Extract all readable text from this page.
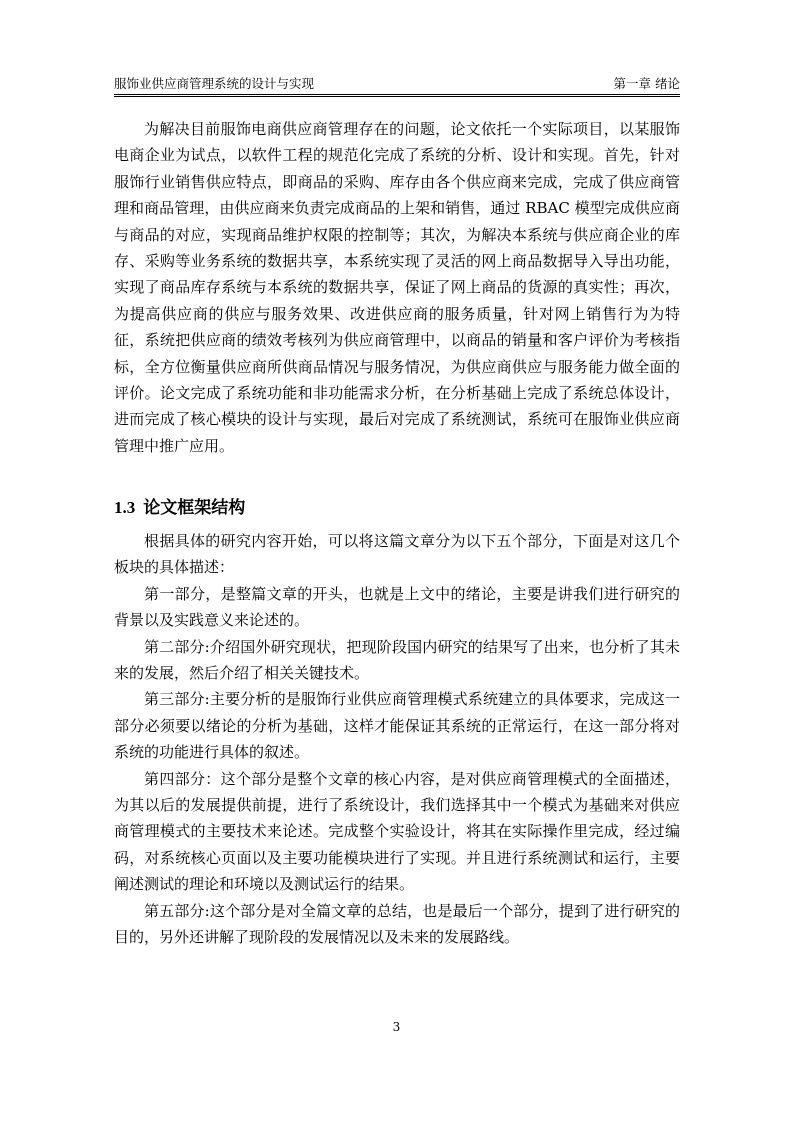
服饰业供应商管理系统的设计与实现	第一章 绪论

为解决目前服饰电商供应商管理存在的问题，论文依托一个实际项目，以某服饰电商企业为试点，以软件工程的规范化完成了系统的分析、设计和实现。首先，针对服饰行业销售供应特点，即商品的采购、库存由各个供应商来完成，完成了供应商管理和商品管理，由供应商来负责完成商品的上架和销售，通过 RBAC 模型完成供应商与商品的对应，实现商品维护权限的控制等；其次，为解决本系统与供应商企业的库存、采购等业务系统的数据共享，本系统实现了灵活的网上商品数据导入导出功能，实现了商品库存系统与本系统的数据共享，保证了网上商品的货源的真实性；再次，为提高供应商的供应与服务效果、改进供应商的服务质量，针对网上销售行为为特征，系统把供应商的绩效考核列为供应商管理中，以商品的销量和客户评价为考核指标，全方位衡量供应商所供商品情况与服务情况，为供应商供应与服务能力做全面的评价。论文完成了系统功能和非功能需求分析，在分析基础上完成了系统总体设计，进而完成了核心模块的设计与实现，最后对完成了系统测试，系统可在服饰业供应商管理中推广应用。

1.3 论文框架结构

根据具体的研究内容开始，可以将这篇文章分为以下五个部分，下面是对这几个板块的具体描述：

第一部分，是整篇文章的开头，也就是上文中的绪论，主要是讲我们进行研究的背景以及实践意义来论述的。

第二部分:介绍国外研究现状，把现阶段国内研究的结果写了出来，也分析了其未来的发展，然后介绍了相关关键技术。

第三部分:主要分析的是服饰行业供应商管理模式系统建立的具体要求，完成这一部分必须要以绪论的分析为基础，这样才能保证其系统的正常运行，在这一部分将对系统的功能进行具体的叙述。

第四部分：这个部分是整个文章的核心内容，是对供应商管理模式的全面描述，为其以后的发展提供前提，进行了系统设计，我们选择其中一个模式为基础来对供应商管理模式的主要技术来论述。完成整个实验设计，将其在实际操作里完成，经过编码，对系统核心页面以及主要功能模块进行了实现。并且进行系统测试和运行，主要阐述测试的理论和环境以及测试运行的结果。

第五部分:这个部分是对全篇文章的总结，也是最后一个部分，提到了进行研究的目的，另外还讲解了现阶段的发展情况以及未来的发展路线。

3
